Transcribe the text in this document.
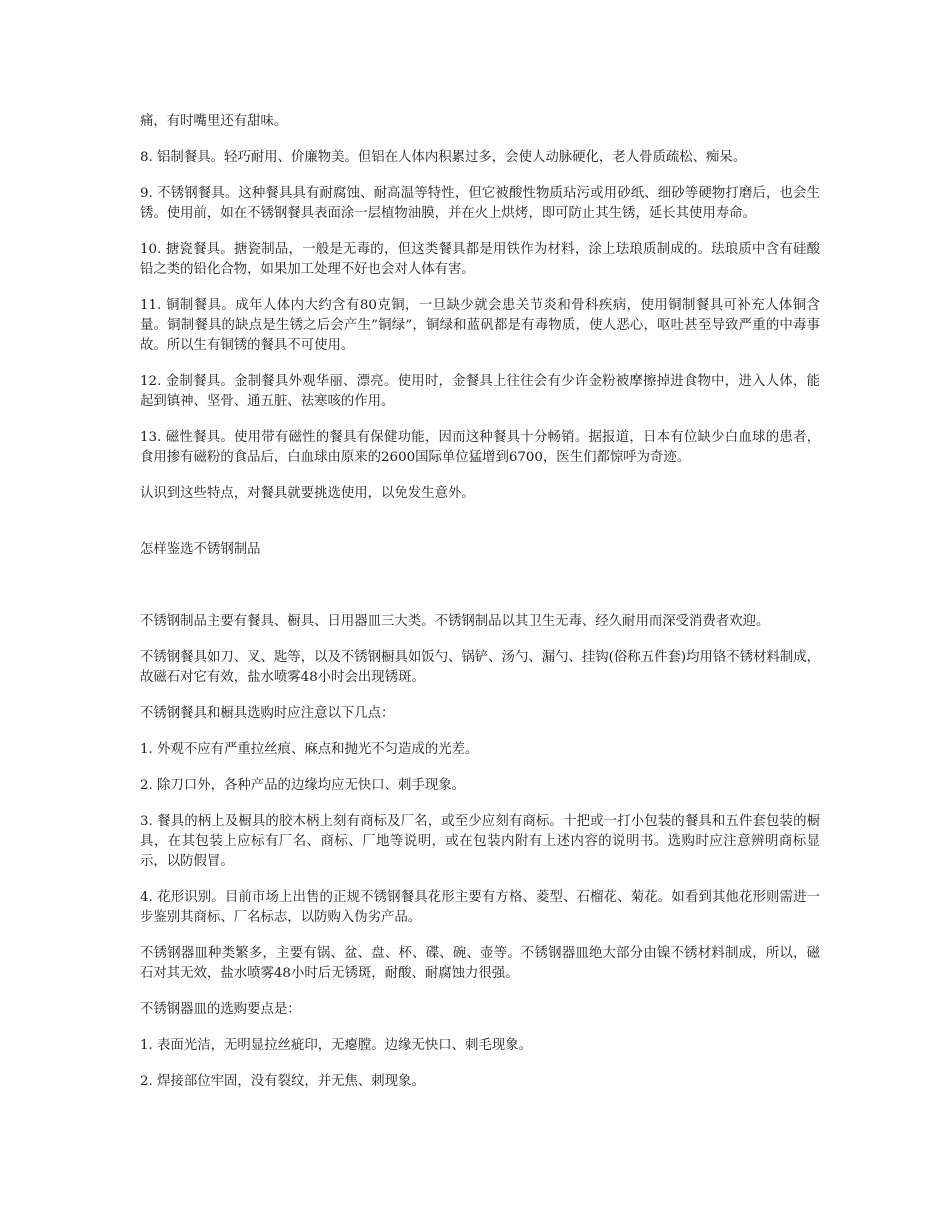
痛，有时嘴里还有甜味。

8. 铝制餐具。轻巧耐用、价廉物美。但铝在人体内积累过多，会使人动脉硬化，老人骨质疏松、痴呆。

9. 不锈钢餐具。这种餐具具有耐腐蚀、耐高温等特性，但它被酸性物质玷污或用砂纸、细砂等硬物打磨后，也会生锈。使用前，如在不锈钢餐具表面涂一层植物油膜，并在火上烘烤，即可防止其生锈，延长其使用寿命。

10. 搪瓷餐具。搪瓷制品，一般是无毒的，但这类餐具都是用铁作为材料，涂上珐琅质制成的。珐琅质中含有硅酸铅之类的铅化合物，如果加工处理不好也会对人体有害。

11. 铜制餐具。成年人体内大约含有80克铜，一旦缺少就会患关节炎和骨科疾病，使用铜制餐具可补充人体铜含量。铜制餐具的缺点是生锈之后会产生”铜绿”，铜绿和蓝矾都是有毒物质，使人恶心，呕吐甚至导致严重的中毒事故。所以生有铜锈的餐具不可使用。

12. 金制餐具。金制餐具外观华丽、漂亮。使用时，金餐具上往往会有少许金粉被摩擦掉进食物中，进入人体，能起到镇神、坚骨、通五脏、祛寒咳的作用。

13. 磁性餐具。使用带有磁性的餐具有保健功能，因而这种餐具十分畅销。据报道，日本有位缺少白血球的患者，食用掺有磁粉的食品后，白血球由原来的2600国际单位猛增到6700，医生们都惊呼为奇迹。

认识到这些特点，对餐具就要挑选使用，以免发生意外。

怎样鉴选不锈钢制品

不锈钢制品主要有餐具、橱具、日用器皿三大类。不锈钢制品以其卫生无毒、经久耐用而深受消费者欢迎。

不锈钢餐具如刀、叉、匙等，以及不锈钢橱具如饭勺、锅铲、汤勺、漏勺、挂钩(俗称五件套)均用铬不锈材料制成，故磁石对它有效，盐水喷雾48小时会出现锈斑。

不锈钢餐具和橱具选购时应注意以下几点：

1. 外观不应有严重拉丝痕、麻点和抛光不匀造成的光差。

2. 除刀口外，各种产品的边缘均应无快口、刺手现象。

3. 餐具的柄上及橱具的胶木柄上刻有商标及厂名，或至少应刻有商标。十把或一打小包装的餐具和五件套包装的橱具，在其包装上应标有厂名、商标、厂地等说明，或在包装内附有上述内容的说明书。选购时应注意辨明商标显示，以防假冒。

4. 花形识别。目前市场上出售的正规不锈钢餐具花形主要有方格、菱型、石榴花、菊花。如看到其他花形则需进一步鉴别其商标、厂名标志，以防购入伪劣产品。

不锈钢器皿种类繁多，主要有锅、盆、盘、杯、碟、碗、壶等。不锈钢器皿绝大部分由镍不锈材料制成，所以，磁石对其无效，盐水喷雾48小时后无锈斑，耐酸、耐腐蚀力很强。

不锈钢器皿的选购要点是：

1. 表面光洁，无明显拉丝疵印，无瘪膛。边缘无快口、刺毛现象。

2. 焊接部位牢固，没有裂纹，并无焦、刺现象。
